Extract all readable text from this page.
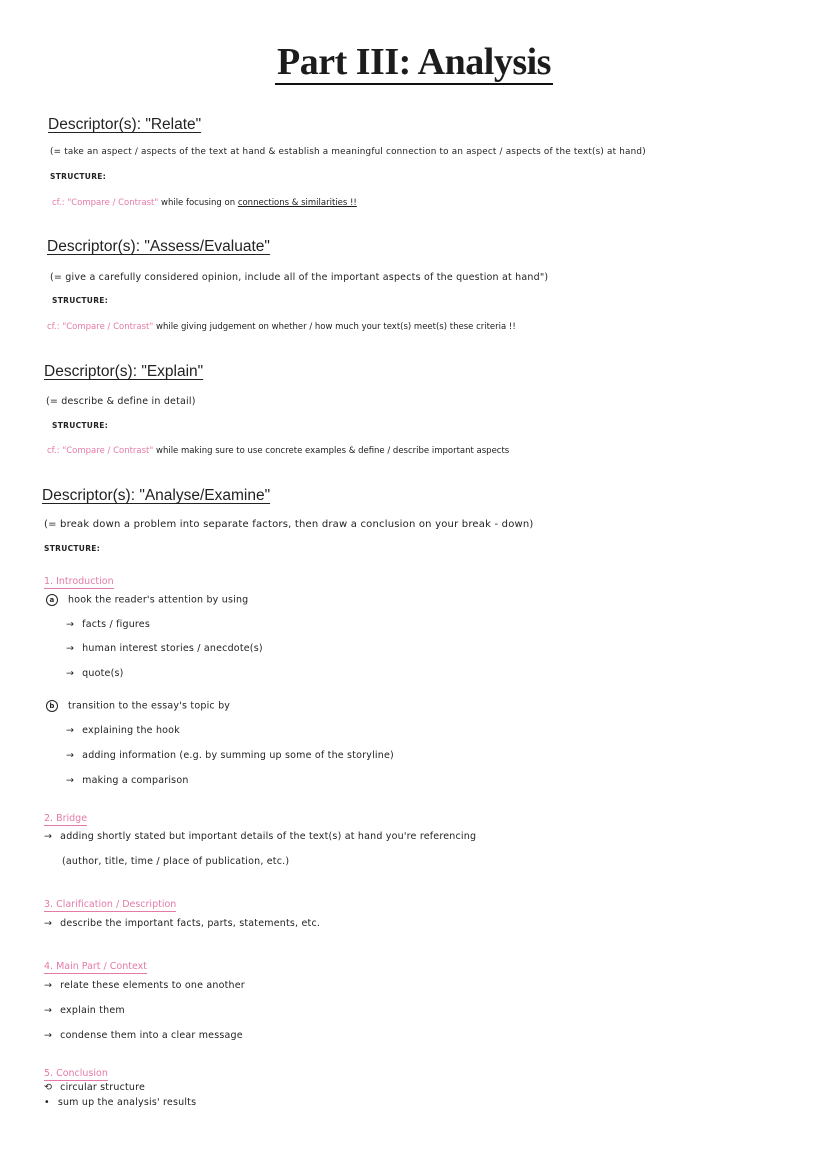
Part III: Analysis
Descriptor(s): "Relate"
(= take an aspect / aspects of the text at hand & establish a meaningful connection to an aspect / aspects of the text(s) at hand)
STRUCTURE:
cf.: "Compare / Contrast" while focusing on connections & similarities !!
Descriptor(s): "Assess/Evaluate"
(= give a carefully considered opinion, include all of the important aspects of the question at hand")
STRUCTURE:
cf.: "Compare / Contrast" while giving judgement on whether / how much your text(s) meet(s) these criteria !!
Descriptor(s): "Explain"
(= describe & define in detail)
STRUCTURE:
cf.: "Compare / Contrast" while making sure to use concrete examples & define / describe important aspects
Descriptor(s): "Analyse/Examine"
(= break down a problem into separate factors, then draw a conclusion on your break - down)
STRUCTURE:
1. Introduction
a hook the reader's attention by using
→ facts / figures
→ human interest stories / anecdote(s)
→ quote(s)
b transition to the essay's topic by
→ explaining the hook
→ adding information (e.g. by summing up some of the storyline)
→ making a comparison
2. Bridge
→ adding shortly stated but important details of the text(s) at hand you're referencing
(author, title, time / place of publication, etc.)
3. Clarification / Description
→ describe the important facts, parts, statements, etc.
4. Main Part / Context
→ relate these elements to one another
→ explain them
→ condense them into a clear message
5. Conclusion
⟲ circular structure
• sum up the analysis' results
